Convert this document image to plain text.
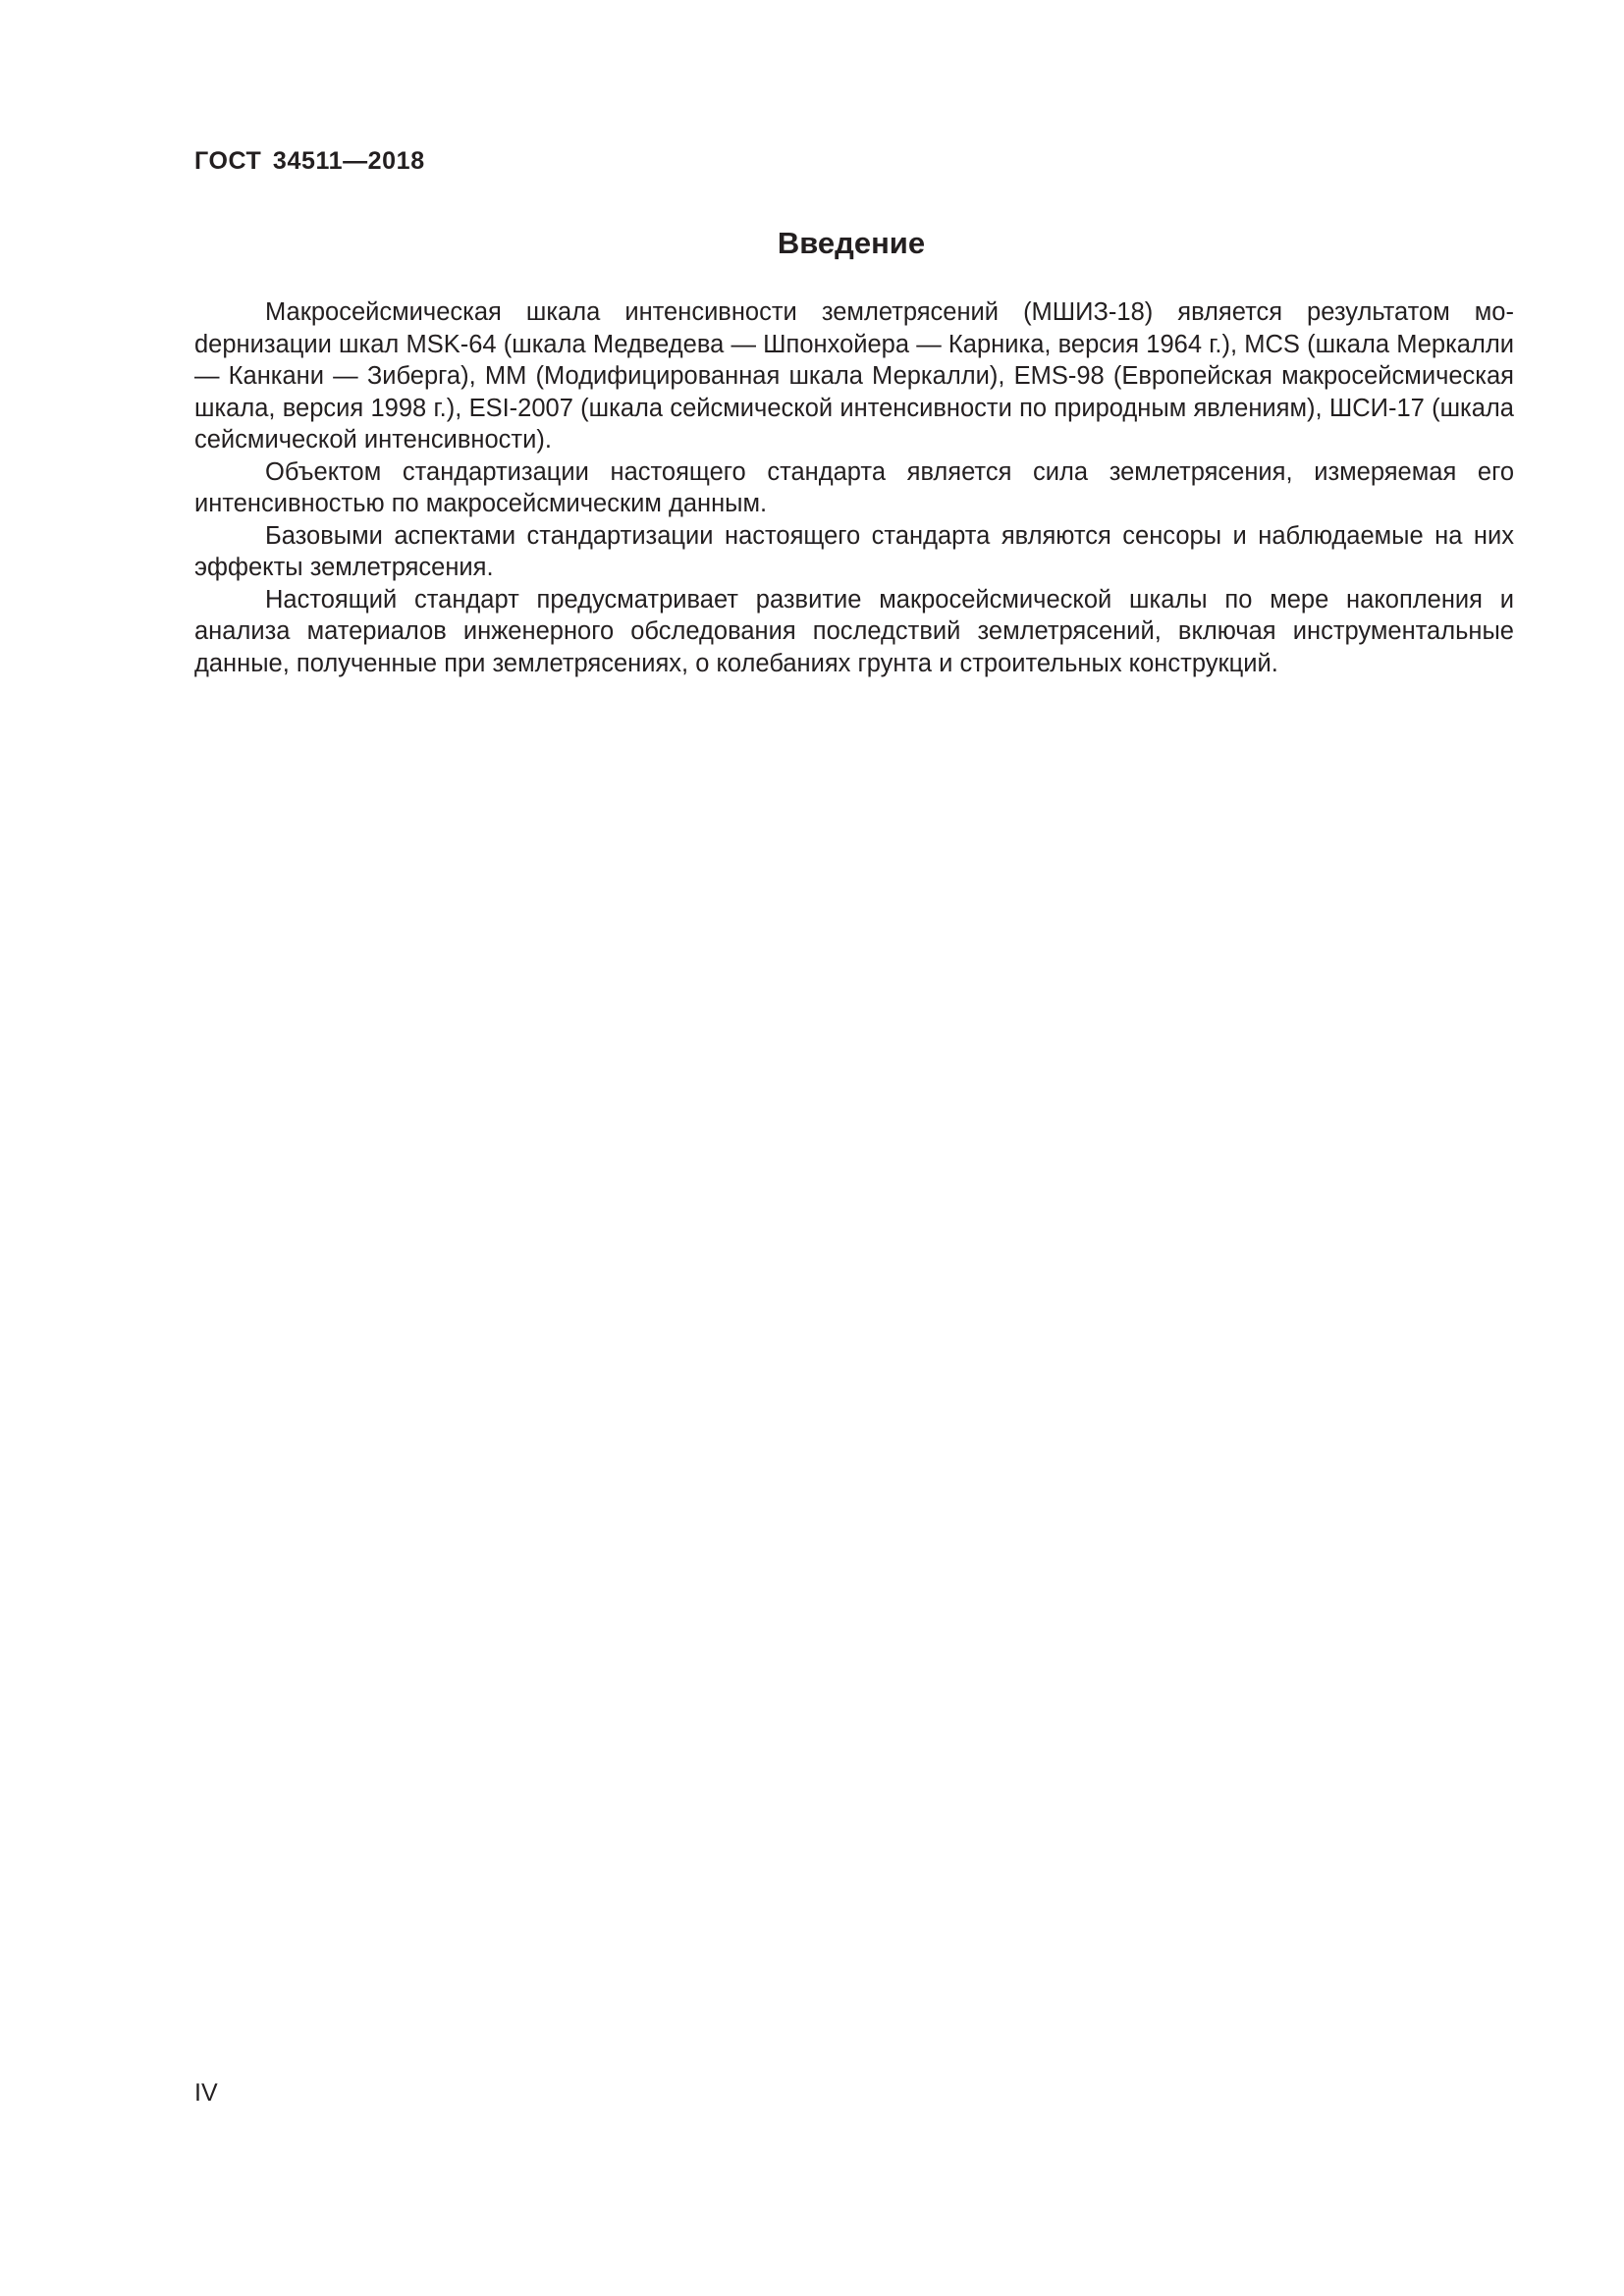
ГОСТ 34511—2018
Введение

Макросейсмическая шкала интенсивности землетрясений (МШИЗ-18) является результатом моdернизации шкал MSK-64 (шкала Медведева — Шпонхойера — Карника, версия 1964 г.), MCS (шкала Меркалли — Канкани — Зиберга), ММ (Модифицированная шкала Меркалли), EMS-98 (Европейская макросейсмическая шкала, версия 1998 г.), ESI-2007 (шкала сейсмической интенсивности по природным явлениям), ШСИ-17 (шкала сейсмической интенсивности).

Объектом стандартизации настоящего стандарта является сила землетрясения, измеряемая его интенсивностью по макросейсмическим данным.

Базовыми аспектами стандартизации настоящего стандарта являются сенсоры и наблюдаемые на них эффекты землетрясения.

Настоящий стандарт предусматривает развитие макросейсмической шкалы по мере накопления и анализа материалов инженерного обследования последствий землетрясений, включая инструментальные данные, полученные при землетрясениях, о колебаниях грунта и строительных конструкций.

IV
